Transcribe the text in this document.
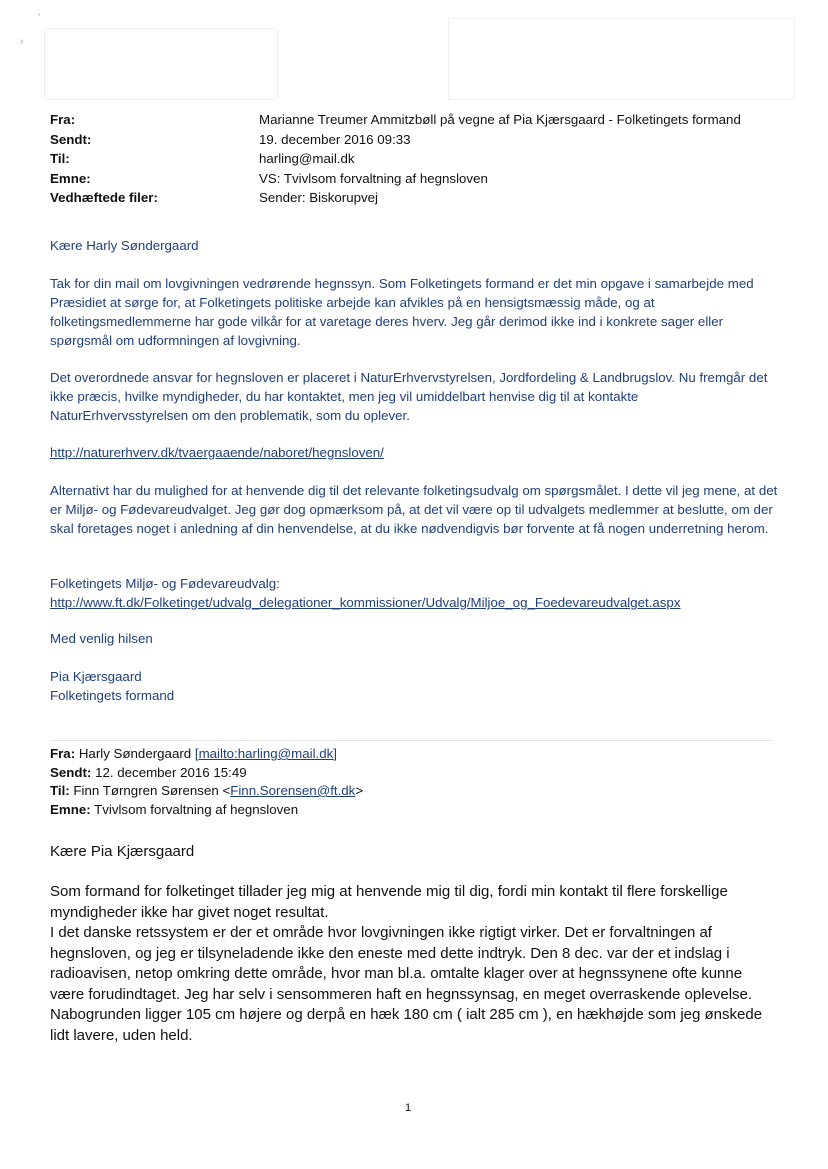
‘
›
Fra:	Marianne Treumer Ammitzbøll på vegne af Pia Kjærsgaard - Folketingets formand
Sendt:	19. december 2016 09:33
Til:	harling@mail.dk
Emne:	VS: Tvivlsom forvaltning af hegnsloven
Vedhæftede filer:	Sender: Biskorupvej

Kære Harly Søndergaard

Tak for din mail om lovgivningen vedrørende hegnssyn. Som Folketingets formand er det min opgave i samarbejde med Præsidiet at sørge for, at Folketingets politiske arbejde kan afvikles på en hensigtsmæssig måde, og at folketingsmedlemmerne har gode vilkår for at varetage deres hverv. Jeg går derimod ikke ind i konkrete sager eller spørgsmål om udformningen af lovgivning.

Det overordnede ansvar for hegnsloven er placeret i NaturErhvervstyrelsen, Jordfordeling & Landbrugslov. Nu fremgår det ikke præcis, hvilke myndigheder, du har kontaktet, men jeg vil umiddelbart henvise dig til at kontakte NaturErhvervsstyrelsen om den problematik, som du oplever.

http://naturerhverv.dk/tvaergaaende/naboret/hegnsloven/

Alternativt har du mulighed for at henvende dig til det relevante folketingsudvalg om spørgsmålet. I dette vil jeg mene, at det er Miljø- og Fødevareudvalget. Jeg gør dog opmærksom på, at det vil være op til udvalgets medlemmer at beslutte, om der skal foretages noget i anledning af din henvendelse, at du ikke nødvendigvis bør forvente at få nogen underretning herom.

Folketingets Miljø- og Fødevareudvalg:

http://www.ft.dk/Folketinget/udvalg_delegationer_kommissioner/Udvalg/Miljoe_og_Foedevareudvalget.aspx

Med venlig hilsen

Pia Kjærsgaard

Folketingets formand

Fra: Harly Søndergaard [mailto:harling@mail.dk]
Sendt: 12. december 2016 15:49
Til: Finn Tørngren Sørensen <Finn.Sorensen@ft.dk>
Emne: Tvivlsom forvaltning af hegnsloven

Kære Pia Kjærsgaard

Som formand for folketinget tillader jeg mig at henvende mig til dig, fordi min kontakt til flere forskellige myndigheder ikke har givet noget resultat.

I det danske retssystem er der et område hvor lovgivningen ikke rigtigt virker. Det er forvaltningen af hegnsloven, og jeg er tilsyneladende ikke den eneste med dette indtryk. Den 8 dec. var der et indslag i radioavisen, netop omkring dette område, hvor man bl.a. omtalte klager over at hegnssynene ofte kunne være forudindtaget. Jeg har selv i sensommeren haft en hegnssynsag, en meget overraskende oplevelse. Nabogrunden ligger 105 cm højere og derpå en hæk 180 cm ( ialt 285 cm ), en hækhøjde som jeg ønskede lidt lavere, uden held.

1
